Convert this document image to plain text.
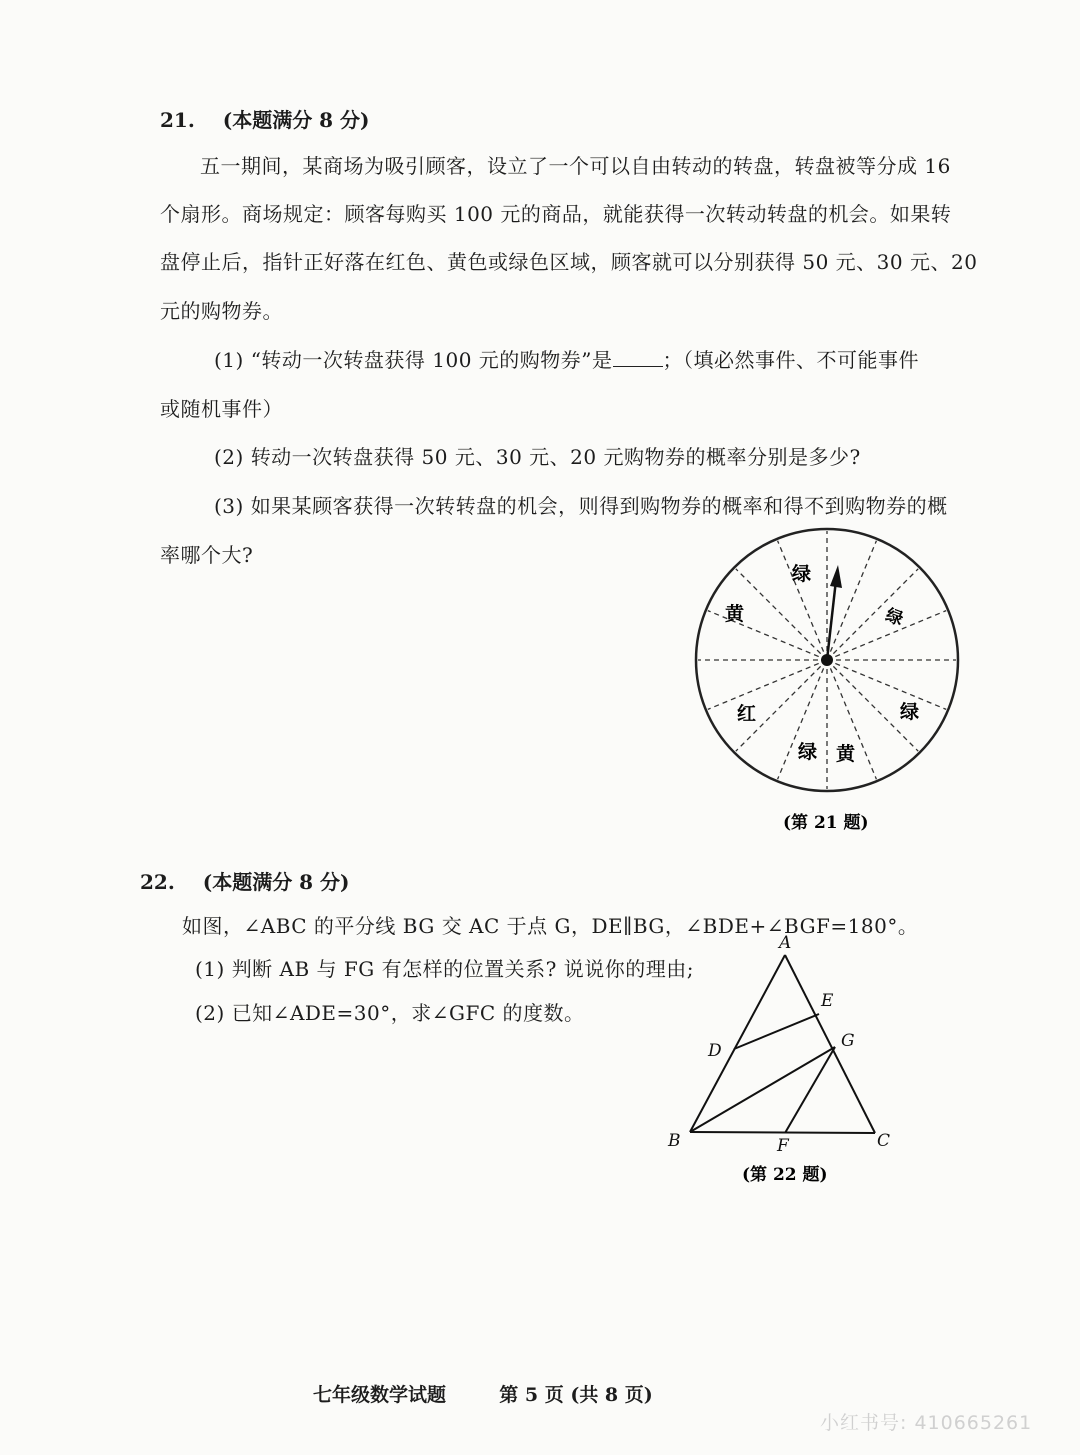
21. (本题满分 8 分)
五一期间，某商场为吸引顾客，设立了一个可以自由转动的转盘，转盘被等分成 16
个扇形。商场规定：顾客每购买 100 元的商品，就能获得一次转动转盘的机会。如果转
盘停止后，指针正好落在红色、黄色或绿色区域，顾客就可以分别获得 50 元、30 元、20
元的购物券。
(1) “转动一次转盘获得 100 元的购物券”是	；（填必然事件、不可能事件
或随机事件）
(2) 转动一次转盘获得 50 元、30 元、20 元购物券的概率分别是多少?
(3) 如果某顾客获得一次转转盘的机会，则得到购物券的概率和得不到购物券的概
率哪个大?
绿
黄	绿
红	绿
绿 黄
(第 21 题)
A
E
D	G
B	F	C
(第 22 题)
22. (本题满分 8 分)
如图，∠ABC 的平分线 BG 交 AC 于点 G，DE∥BG，∠BDE+∠BGF=180°。
(1) 判断 AB 与 FG 有怎样的位置关系? 说说你的理由;
(2) 已知∠ADE=30°，求∠GFC 的度数。
七年级数学试题	第 5 页 (共 8 页)
小红书号: 410665261
